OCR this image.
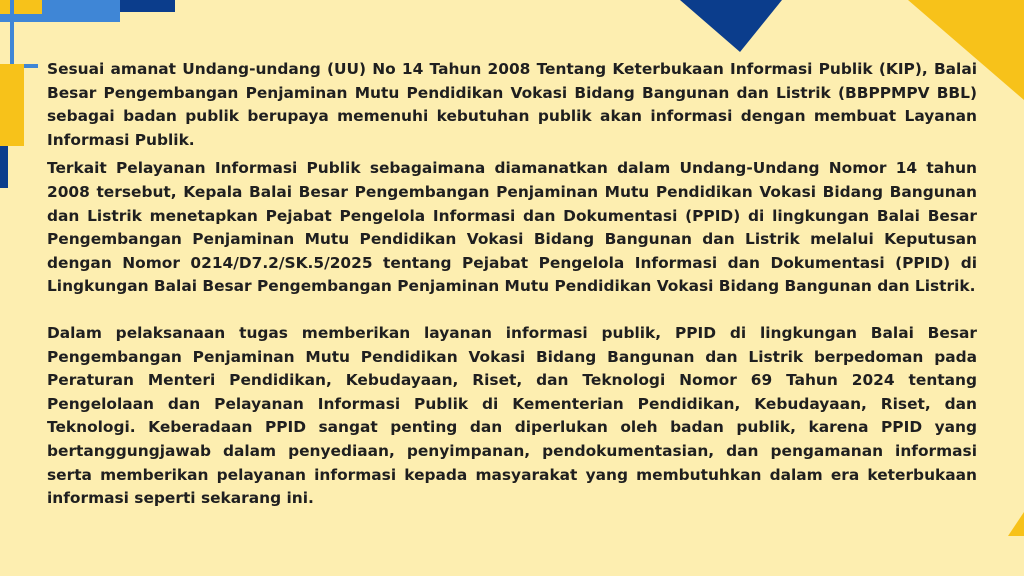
Sesuai amanat Undang-undang (UU) No 14 Tahun 2008 Tentang Keterbukaan Informasi Publik (KIP), Balai Besar Pengembangan Penjaminan Mutu Pendidikan Vokasi Bidang Bangunan dan Listrik (BBPPMPV BBL) sebagai badan publik berupaya memenuhi kebutuhan publik akan informasi dengan membuat Layanan Informasi Publik.

Terkait Pelayanan Informasi Publik sebagaimana diamanatkan dalam Undang-Undang Nomor 14 tahun 2008 tersebut, Kepala Balai Besar Pengembangan Penjaminan Mutu Pendidikan Vokasi Bidang Bangunan dan Listrik menetapkan Pejabat Pengelola Informasi dan Dokumentasi (PPID) di lingkungan Balai Besar Pengembangan Penjaminan Mutu Pendidikan Vokasi Bidang Bangunan dan Listrik melalui Keputusan dengan Nomor 0214/D7.2/SK.5/2025 tentang Pejabat Pengelola Informasi dan Dokumentasi (PPID) di Lingkungan Balai Besar Pengembangan Penjaminan Mutu Pendidikan Vokasi Bidang Bangunan dan Listrik.

Dalam pelaksanaan tugas memberikan layanan informasi publik, PPID di lingkungan Balai Besar Pengembangan Penjaminan Mutu Pendidikan Vokasi Bidang Bangunan dan Listrik berpedoman pada Peraturan Menteri Pendidikan, Kebudayaan, Riset, dan Teknologi Nomor 69 Tahun 2024 tentang Pengelolaan dan Pelayanan Informasi Publik di Kementerian Pendidikan, Kebudayaan, Riset, dan Teknologi. Keberadaan PPID sangat penting dan diperlukan oleh badan publik, karena PPID yang bertanggungjawab dalam penyediaan, penyimpanan, pendokumentasian, dan pengamanan informasi serta memberikan pelayanan informasi kepada masyarakat yang membutuhkan dalam era keterbukaan informasi seperti sekarang ini.
